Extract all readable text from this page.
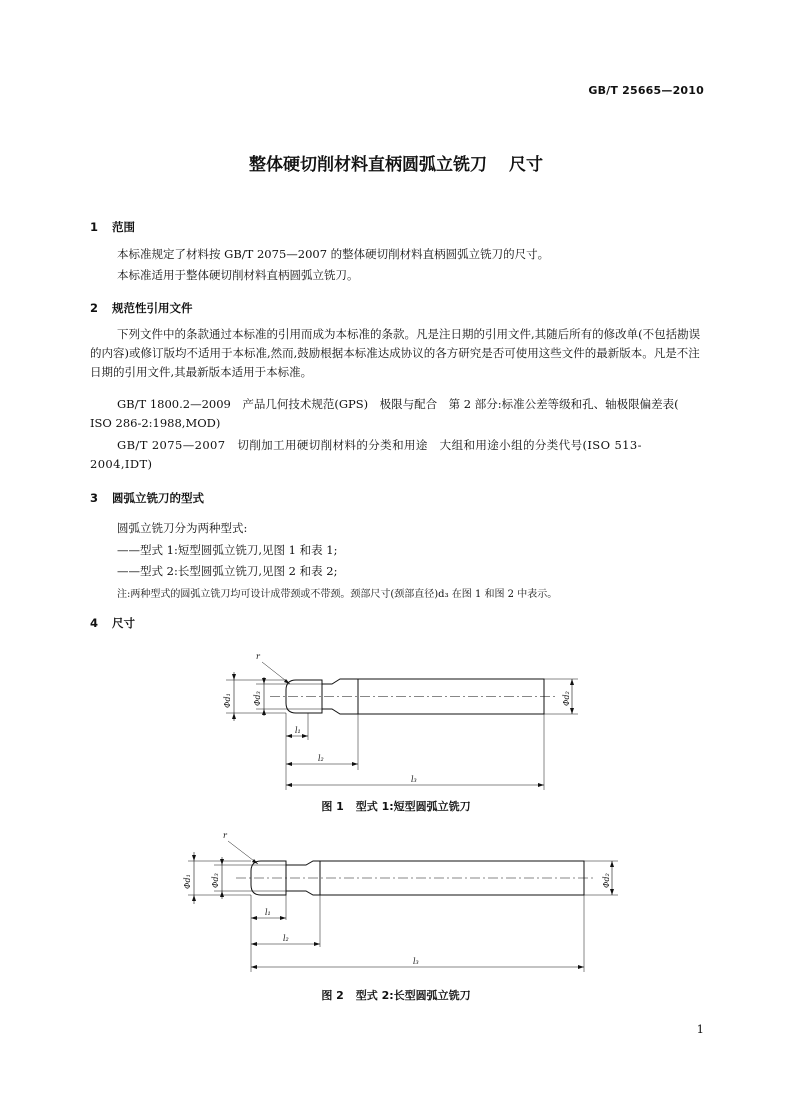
GB/T 25665—2010
整体硬切削材料直柄圆弧立铣刀 尺寸
1 范围
本标准规定了材料按 GB/T 2075—2007 的整体硬切削材料直柄圆弧立铣刀的尺寸。
本标准适用于整体硬切削材料直柄圆弧立铣刀。
2 规范性引用文件
下列文件中的条款通过本标准的引用而成为本标准的条款。凡是注日期的引用文件,其随后所有的修改单(不包括勘误的内容)或修订版均不适用于本标准,然而,鼓励根据本标准达成协议的各方研究是否可使用这些文件的最新版本。凡是不注日期的引用文件,其最新版本适用于本标准。
GB/T 1800.2—2009　产品几何技术规范(GPS)　极限与配合　第 2 部分:标准公差等级和孔、轴极限偏差表( ISO 286-2:1988,MOD)
GB/T 2075—2007　切削加工用硬切削材料的分类和用途　大组和用途小组的分类代号(ISO 513-2004,IDT)
3 圆弧立铣刀的型式
圆弧立铣刀分为两种型式:
——型式 1:短型圆弧立铣刀,见图 1 和表 1;
——型式 2:长型圆弧立铣刀,见图 2 和表 2;
注:两种型式的圆弧立铣刀均可设计成带颈或不带颈。颈部尺寸(颈部直径)d₃ 在图 1 和图 2 中表示。
4 尺寸
r
Φd₁	Φd₃	Φd₂
l₁
l₂
l₃
图 1 型式 1:短型圆弧立铣刀
r
Φd₁ Φd₃	Φd₂
l₁
l₂
l₃
图 2 型式 2:长型圆弧立铣刀
1
